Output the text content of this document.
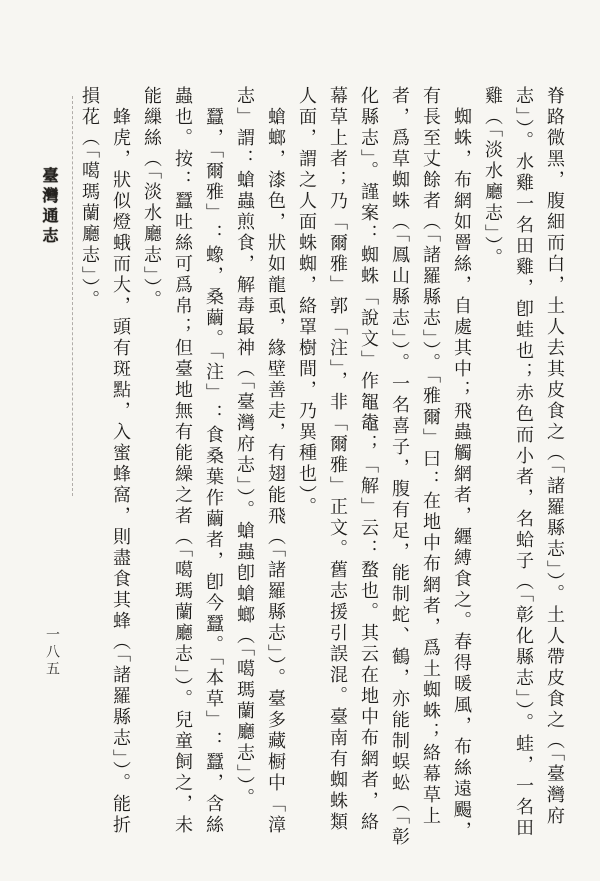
臺灣通志
一八五	脊路微黑，腹細而白，土人去其皮食之（「諸羅縣志」）。土人帶皮食之（「臺灣府志」）。水雞一名田雞，卽蛙也；赤色而小者，名蛤子（「彰化縣志」）。蛙，一名田雞（「淡水廳志」）。

蜘蛛，布網如罾絲，自處其中；飛蟲觸網者，纒縛食之。春得暖風，布絲遠颺，有長至丈餘者（「諸羅縣志」）。「雅爾」曰：在地中布網者，爲土蜘蛛；絡幕草上者，爲草蜘蛛（「鳳山縣志」）。一名喜子，腹有足，能制蛇、鶴，亦能制蜈蚣（「彰化縣志」。謹案：蜘蛛「說文」作鼅鼄；「解」云：蝥也。其云在地中布網者，絡幕草上者；乃「爾雅」郭「注」，非「爾雅」正文。舊志援引誤混。臺南有蜘蛛類人面，謂之人面蛛蜘，絡罩樹間，乃異種也）。

螥螂，漆色，狀如龍虱，緣壁善走，有翅能飛（「諸羅縣志」）。臺多藏橱中「漳志」謂：螥蟲煎食，解毒最神（「臺灣府志」）。螥蟲卽螥螂（「噶瑪蘭廳志」）。

蠶，「爾雅」：蟓，桑繭。「注」：食桑葉作繭者，卽今蠶。「本草」：蠶，含絲蟲也。按：蠶吐絲可爲帛；但臺地無有能繰之者（「噶瑪蘭廳志」）。兒童飼之，未能繅絲（「淡水廳志」）。

蜂虎，狀似燈蛾而大，頭有斑點，入蜜蜂窩，則盡食其蜂（「諸羅縣志」）。能折損花（「噶瑪蘭廳志」）。
